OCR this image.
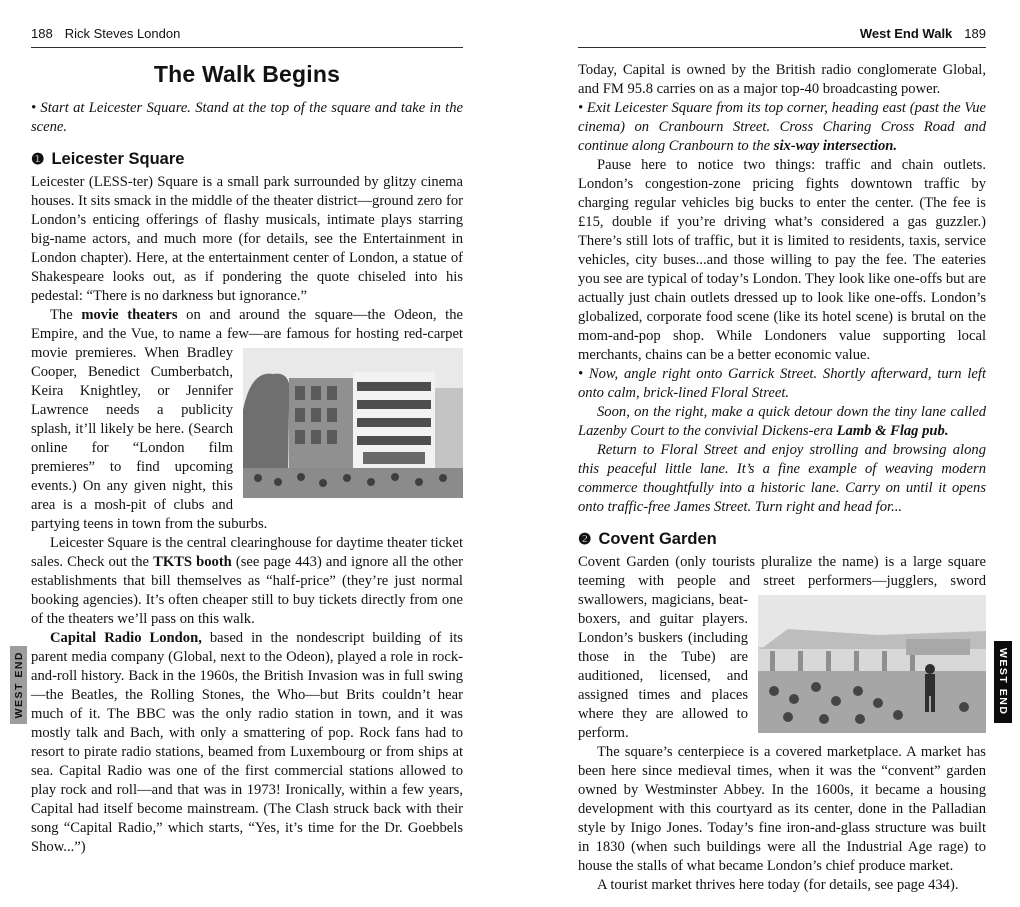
WEST END	WEST END
188 Rick Steves London
The Walk Begins

• Start at Leicester Square. Stand at the top of the square and take in the scene.

❶ Leicester Square

Leicester (LESS-ter) Square is a small park surrounded by glitzy cinema houses. It sits smack in the middle of the theater district—ground zero for London’s enticing offerings of flashy musicals, intimate plays starring big-name actors, and much more (for details, see the Entertainment in London chapter). Here, at the entertainment center of London, a statue of Shakespeare looks out, as if pondering the quote chiseled into his pedestal: “There is no darkness but ignorance.”

The movie theaters on and around the square—the Odeon, the Empire, and the Vue, to name a few—are famous for hosting red-carpet movie premieres.
When Bradley Cooper, Benedict Cumberbatch, Keira Knightley, or Jennifer Lawrence needs a publicity splash, it’ll likely be here. (Search online for “London film premieres” to find upcoming events.) On any given night, this area is a mosh-pit of clubs and partying teens in town from the suburbs.

Leicester Square is the central clearinghouse for daytime theater ticket sales. Check out the TKTS booth (see page 443) and ignore all the other establishments that bill themselves as “half-price” (they’re just normal booking agencies). It’s often cheaper still to buy tickets directly from one of the theaters we’ll pass on this walk.

Capital Radio London, based in the nondescript building of its parent media company (Global, next to the Odeon), played a role in rock-and-roll history. Back in the 1960s, the British Invasion was in full swing—the Beatles, the Rolling Stones, the Who—but Brits couldn’t hear much of it. The BBC was the only radio station in town, and it was mostly talk and Bach, with only a smattering of pop. Rock fans had to resort to pirate radio stations, beamed from Luxembourg or from ships at sea. Capital Radio was one of the first commercial stations allowed to play rock and roll—and that was in 1973! Ironically, within a few years, Capital had itself become mainstream. (The Clash struck back with their song “Capital Radio,” which starts, “Yes, it’s time for the Dr. Goebbels Show...”)

West End Walk 189

Today, Capital is owned by the British radio conglomerate Global, and FM 95.8 carries on as a major top-40 broadcasting power.

• Exit Leicester Square from its top corner, heading east (past the Vue cinema) on Cranbourn Street. Cross Charing Cross Road and continue along Cranbourn to the six-way intersection.

Pause here to notice two things: traffic and chain outlets. London’s congestion-zone pricing fights downtown traffic by charging regular vehicles big bucks to enter the center. (The fee is £15, double if you’re driving what’s considered a gas guzzler.) There’s still lots of traffic, but it is limited to residents, taxis, service vehicles, city buses...and those willing to pay the fee. The eateries you see are typical of today’s London. They look like one-offs but are actually just chain outlets dressed up to look like one-offs. London’s globalized, corporate food scene (like its hotel scene) is brutal on the mom-and-pop shop. While Londoners value supporting local merchants, chains can be a better economic value.

• Now, angle right onto Garrick Street. Shortly afterward, turn left onto calm, brick-lined Floral Street.

Soon, on the right, make a quick detour down the tiny lane called Lazenby Court to the convivial Dickens-era Lamb & Flag pub.

Return to Floral Street and enjoy strolling and browsing along this peaceful little lane. It’s a fine example of weaving modern commerce thoughtfully into a historic lane. Carry on until it opens onto traffic-free James Street. Turn right and head for...

❷ Covent Garden

Covent Garden (only tourists pluralize the name) is a large square teeming with people and street performers—jugglers, sword swallowers,
magicians, beat-boxers, and guitar players. London’s buskers (including those in the Tube) are auditioned, licensed, and assigned times and places where they are allowed to perform.

The square’s centerpiece is a covered marketplace. A market has been here since medieval times, when it was the “convent” garden owned by Westminster Abbey. In the 1600s, it became a housing development with this courtyard as its center, done in the Palladian style by Inigo Jones. Today’s fine iron-and-glass structure was built in 1830 (when such buildings were all the Industrial Age rage) to house the stalls of what became London’s chief produce market.

A tourist market thrives here today (for details, see page 434).
